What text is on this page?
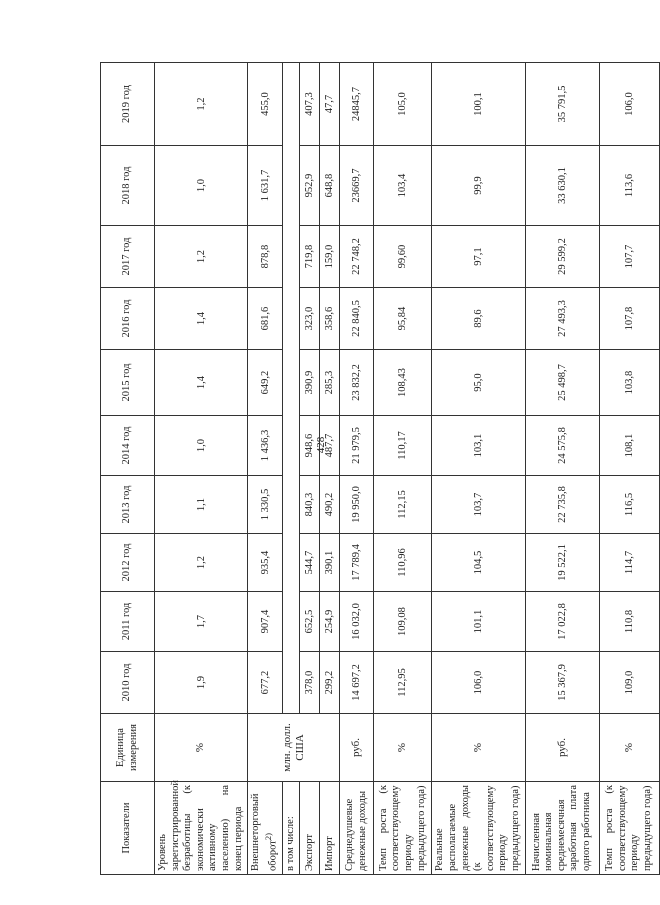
428
Показатели	Единица измерения	2010 год	2011 год	2012 год	2013 год	2014 год	2015 год	2016 год	2017 год	2018 год	2019 год
Уровень зарегистрированной безработицы (к экономически активному населению) на конец периода	%	1,9	1,7	1,2	1,1	1,0	1,4	1,4	1,2	1,0	1,2
Внешнеторговый оборот$^{2)}$	млн. долл. США	677,2	907,4	935,4	1 330,5	1 436,3	649,2	681,6	878,8	1 631,7	455,0
в том числе:											
Экспорт		378,0	652,5	544,7	840,3	948,6	390,9	323,0	719,8	952,9	407,3
Импорт		299,2	254,9	390,1	490,2	487,7	285,3	358,6	159,0	648,8	47,7
Среднедушевые денежные доходы	руб.	14 697,2	16 032,0	17 789,4	19 950,0	21 979,5	23 832,2	22 840,5	22 748,2	23669,7	24845,7
Темп роста (к соответствующему периоду предыдущего года)	%	112,95	109,08	110,96	112,15	110,17	108,43	95,84	99,60	103,4	105,0
Реальные располагаемые денежные доходы (к соответствующему периоду предыдущего года)	%	106,0	101,1	104,5	103,7	103,1	95,0	89,6	97,1	99,9	100,1
Начисленная номинальная среднемесячная заработная плата одного работника	руб.	15 367,9	17 022,8	19 522,1	22 735,8	24 575,8	25 498,7	27 493,3	29 599,2	33 630,1	35 791,5
Темп роста (к соответствующему периоду предыдущего года)	%	109,0	110,8	114,7	116,5	108,1	103,8	107,8	107,7	113,6	106,0
